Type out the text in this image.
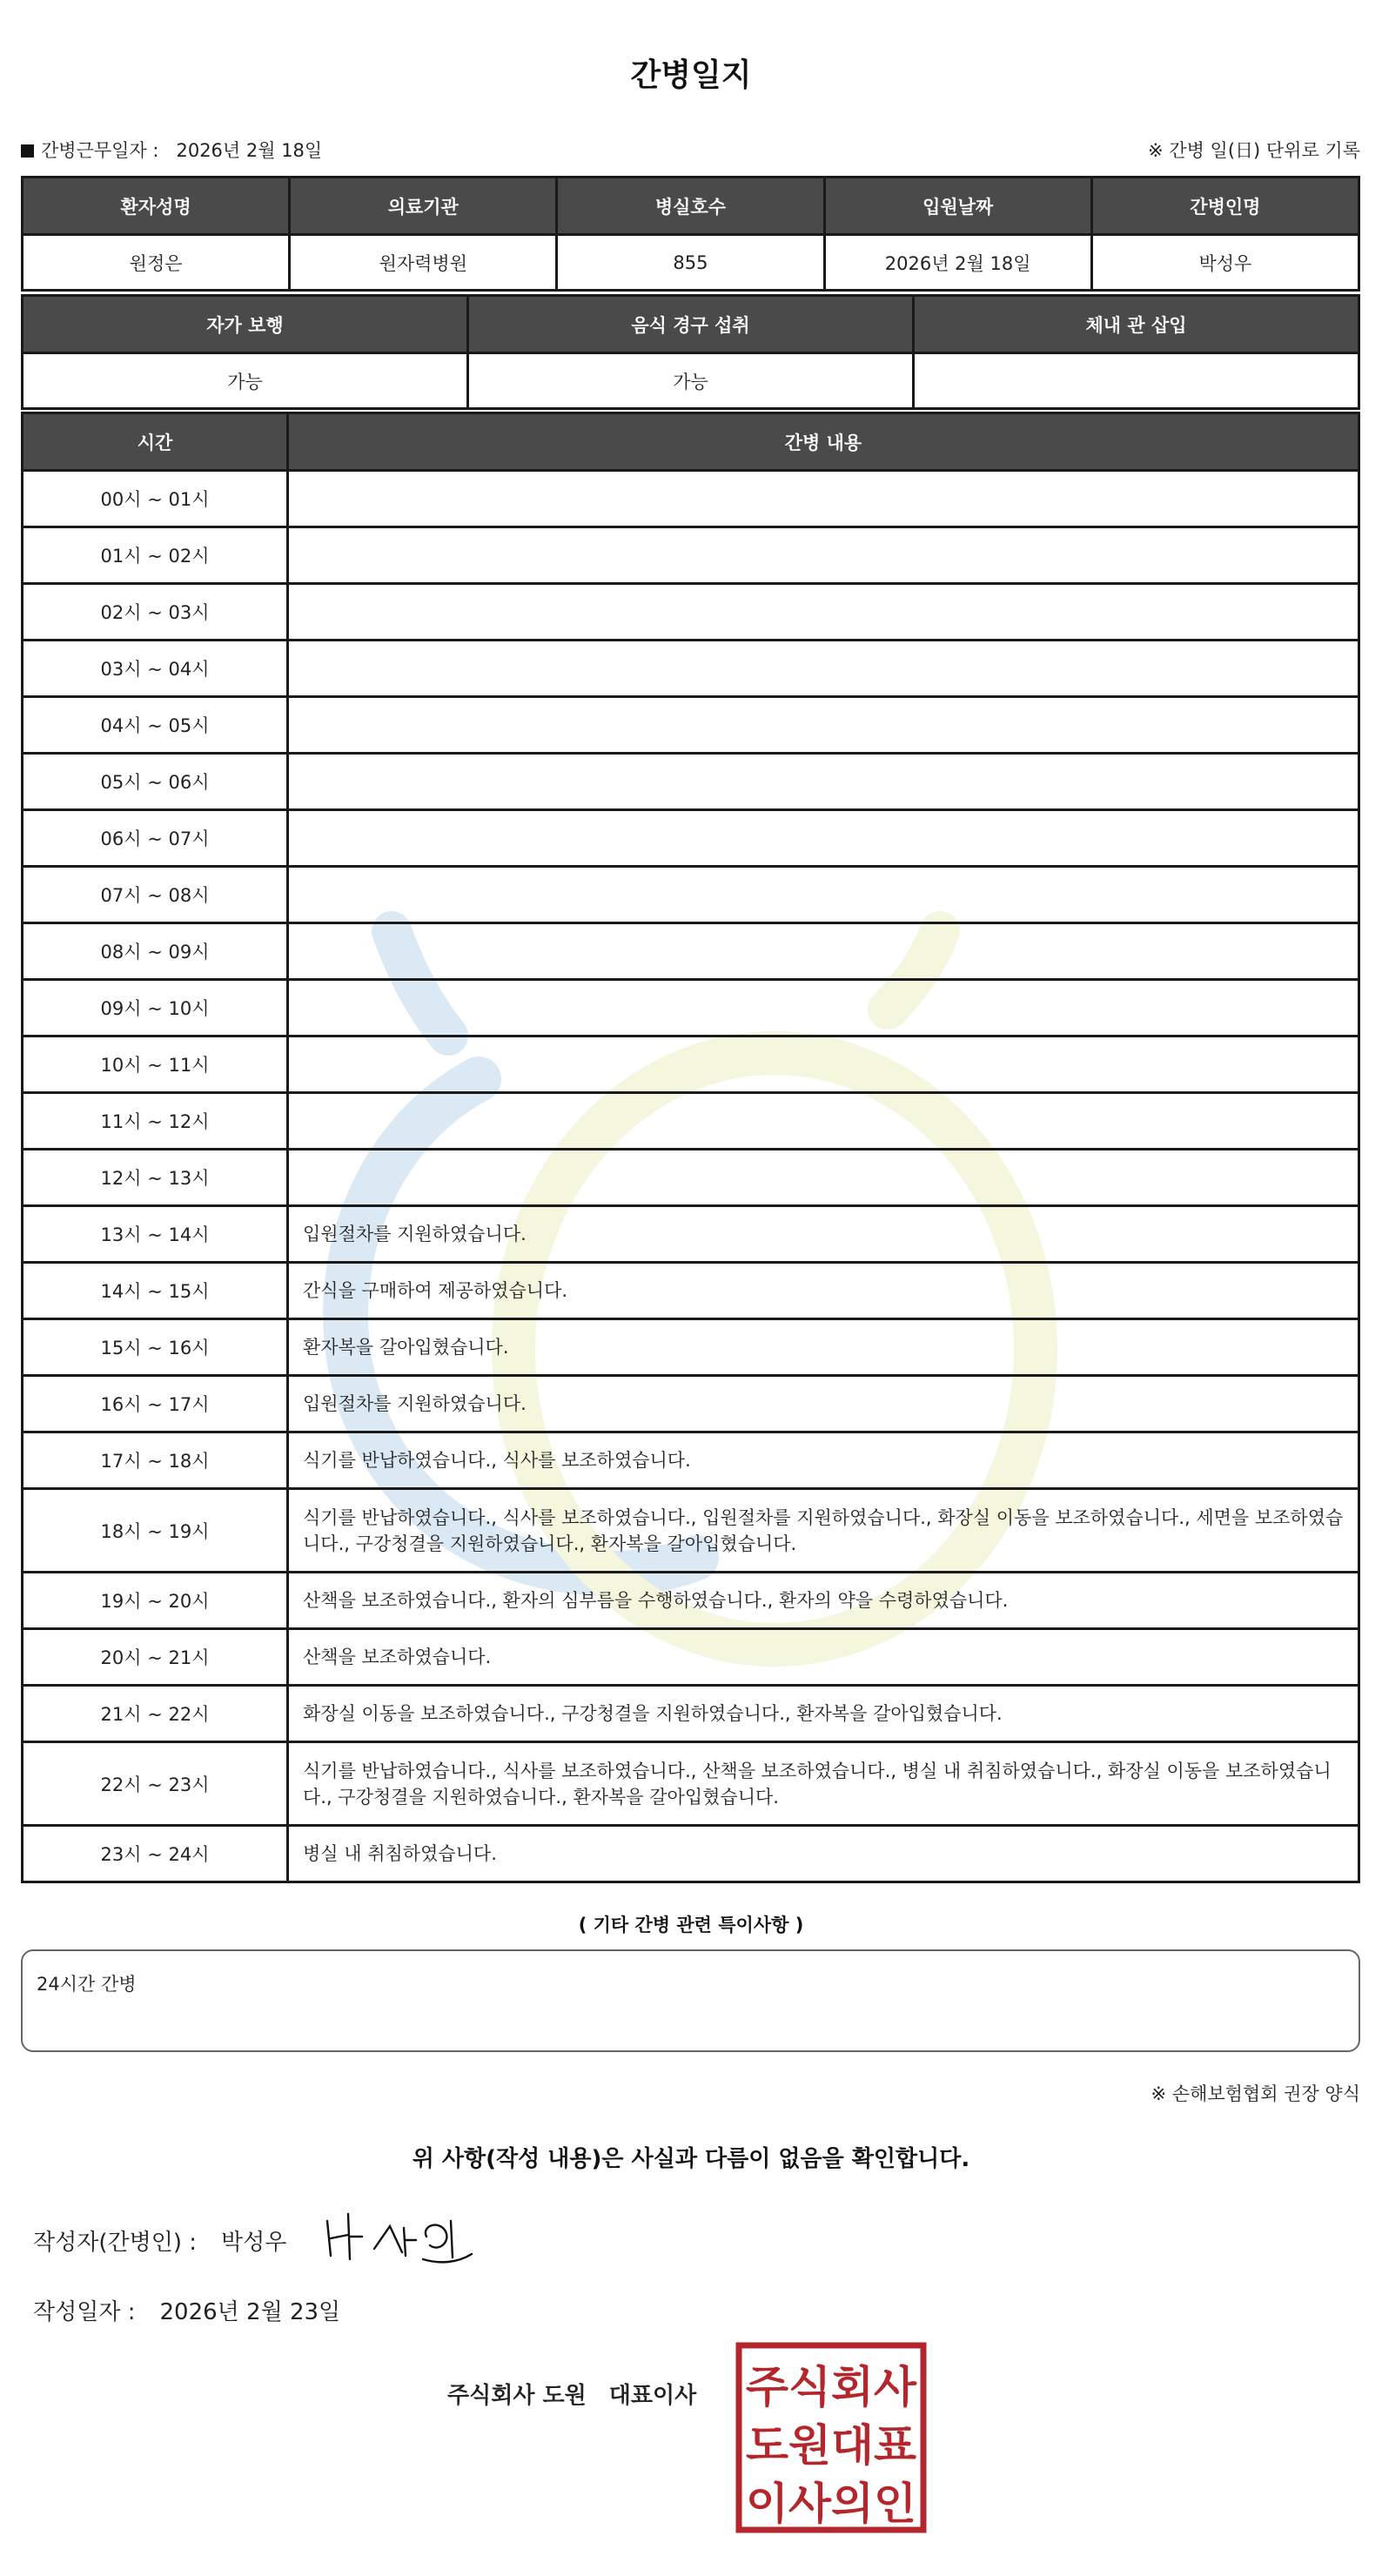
간병일지
간병근무일자 : 2026년 2월 18일	※ 간병 일(日) 단위로 기록
환자성명	의료기관	병실호수	입원날짜	간병인명
원정은	원자력병원	855	2026년 2월 18일	박성우
자가 보행	음식 경구 섭취	체내 관 삽입
가능	가능	
시간	간병 내용
00시 ~ 01시	
01시 ~ 02시	
02시 ~ 03시	
03시 ~ 04시	
04시 ~ 05시	
05시 ~ 06시	
06시 ~ 07시	
07시 ~ 08시	
08시 ~ 09시	
09시 ~ 10시	
10시 ~ 11시	
11시 ~ 12시	
12시 ~ 13시	
13시 ~ 14시	입원절차를 지원하였습니다.
14시 ~ 15시	간식을 구매하여 제공하였습니다.
15시 ~ 16시	환자복을 갈아입혔습니다.
16시 ~ 17시	입원절차를 지원하였습니다.
17시 ~ 18시	식기를 반납하였습니다., 식사를 보조하였습니다.
18시 ~ 19시	식기를 반납하였습니다., 식사를 보조하였습니다., 입원절차를 지원하였습니다., 화장실 이동을 보조하였습니다., 세면을 보조하였습니다., 구강청결을 지원하였습니다., 환자복을 갈아입혔습니다.
19시 ~ 20시	산책을 보조하였습니다., 환자의 심부름을 수행하였습니다., 환자의 약을 수령하였습니다.
20시 ~ 21시	산책을 보조하였습니다.
21시 ~ 22시	화장실 이동을 보조하였습니다., 구강청결을 지원하였습니다., 환자복을 갈아입혔습니다.
22시 ~ 23시	식기를 반납하였습니다., 식사를 보조하였습니다., 산책을 보조하였습니다., 병실 내 취침하였습니다., 화장실 이동을 보조하였습니다., 구강청결을 지원하였습니다., 환자복을 갈아입혔습니다.
23시 ~ 24시	병실 내 취침하였습니다.
( 기타 간병 관련 특이사항 )
24시간 간병
※ 손해보험협회 권장 양식
위 사항(작성 내용)은 사실과 다름이 없음을 확인합니다.
작성자(간병인) : 박성우
작성일자 : 2026년 2월 23일
주식회사 도원 대표이사 주식회사
도원대표
이사의인
